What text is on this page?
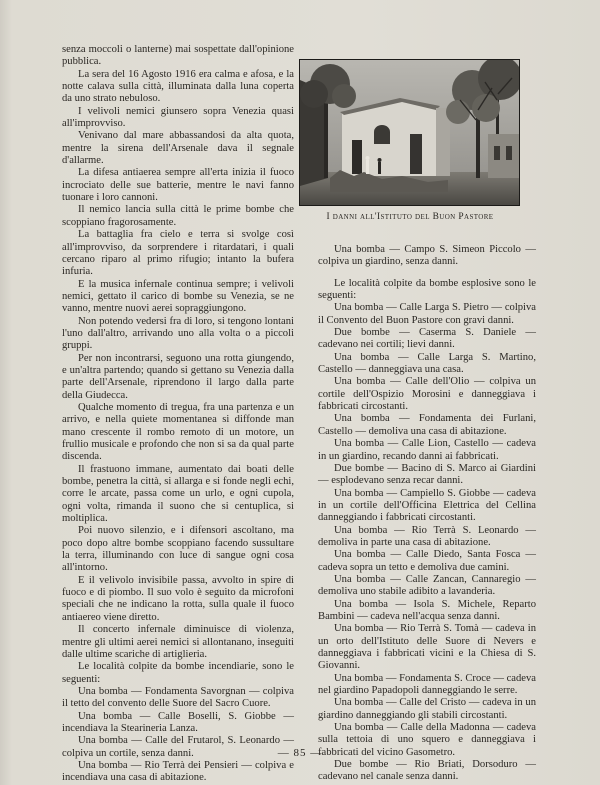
senza moccoli o lanterne) mai sospettate dall'opinione pubblica.

La sera del 16 Agosto 1916 era calma e afosa, e la notte calava sulla città, illuminata dalla luna coperta da uno strato nebuloso.

I velivoli nemici giunsero sopra Venezia quasi all'improvviso.

Venivano dal mare abbassandosi da alta quota, mentre la sirena dell'Arsenale dava il segnale d'allarme.

La difesa antiaerea sempre all'erta inizia il fuoco incrociato delle sue batterie, mentre le navi fanno tuonare i loro cannoni.

Il nemico lancia sulla città le prime bombe che scoppiano fragorosamente.

La battaglia fra cielo e terra si svolge così all'improvviso, da sorprendere i ritardatari, i quali cercano riparo al primo rifugio; intanto la bufera infuria.

E la musica infernale continua sempre; i velivoli nemici, gettato il carico di bombe su Venezia, se ne vanno, mentre nuovi aerei sopraggiungono.

Non potendo vedersi fra di loro, si tengono lontani l'uno dall'altro, arrivando uno alla volta o a piccoli gruppi.

Per non incontrarsi, seguono una rotta giungendo, e un'altra partendo; quando si gettano su Venezia dalla parte dell'Arsenale, riprendono il largo dalla parte della Giudecca.

Qualche momento di tregua, fra una partenza e un arrivo, e nella quiete momentanea si diffonde man mano crescente il rombo remoto di un motore, un frullio musicale e profondo che non si sa da qual parte discenda.

Il frastuono immane, aumentato dai boati delle bombe, penetra la città, si allarga e si fonde negli echi, corre le arcate, passa come un urlo, e ogni cupola, ogni volta, rimanda il suono che si centuplica, si moltiplica.

Poi nuovo silenzio, e i difensori ascoltano, ma poco dopo altre bombe scoppiano facendo sussultare la terra, illuminando con luce di sangue ogni cosa all'intorno.

E il velivolo invisibile passa, avvolto in spire di fuoco e di piombo. Il suo volo è seguito da microfoni speciali che ne indicano la rotta, sulla quale il fuoco antiaereo viene diretto.

Il concerto infernale diminuisce di violenza, mentre gli ultimi aerei nemici si allontanano, inseguiti dalle ultime scariche di artiglieria.

Le località colpite da bombe incendiarie, sono le seguenti:

Una bomba — Fondamenta Savorgnan — colpiva il tetto del convento delle Suore del Sacro Cuore.

Una bomba — Calle Boselli, S. Giobbe — incendiava la Stearineria Lanza.

Una bomba — Calle del Frutarol, S. Leonardo — colpiva un cortile, senza danni.

Una bomba — Rio Terrà dei Pensieri — colpiva e incendiava una casa di abitazione.

I danni all'Istituto del Buon Pastore

Una bomba — Campo S. Simeon Piccolo — colpiva un giardino, senza danni.

Le località colpite da bombe esplosive sono le seguenti:

Una bomba — Calle Larga S. Pietro — colpiva il Convento del Buon Pastore con gravi danni.

Due bombe — Caserma S. Daniele — cadevano nei cortili; lievi danni.

Una bomba — Calle Larga S. Martino, Castello — danneggiava una casa.

Una bomba — Calle dell'Olio — colpiva un cortile dell'Ospizio Morosini e danneggiava i fabbricati circostanti.

Una bomba — Fondamenta dei Furlani, Castello — demoliva una casa di abitazione.

Una bomba — Calle Lion, Castello — cadeva in un giardino, recando danni ai fabbricati.

Due bombe — Bacino di S. Marco ai Giardini — esplodevano senza recar danni.

Una bomba — Campiello S. Giobbe — cadeva in un cortile dell'Officina Elettrica del Cellina danneggiando i fabbricati circostanti.

Una bomba — Rio Terrà S. Leonardo — demoliva in parte una casa di abitazione.

Una bomba — Calle Diedo, Santa Fosca — cadeva sopra un tetto e demoliva due camini.

Una bomba — Calle Zancan, Cannaregio — demoliva uno stabile adibito a lavanderia.

Una bomba — Isola S. Michele, Reparto Bambini — cadeva nell'acqua senza danni.

Una bomba — Rio Terrà S. Tomà — cadeva in un orto dell'Istituto delle Suore di Nevers e danneggiava i fabbricati vicini e la Chiesa di S. Giovanni.

Una bomba — Fondamenta S. Croce — cadeva nel giardino Papadopoli danneggiando le serre.

Una bomba — Calle del Cristo — cadeva in un giardino danneggiando gli stabili circostanti.

Una bomba — Calle della Madonna — cadeva sulla tettoia di uno squero e danneggiava i fabbricati del vicino Gasometro.

Due bombe — Rio Briati, Dorsoduro — cadevano nel canale senza danni.

— 85 —
